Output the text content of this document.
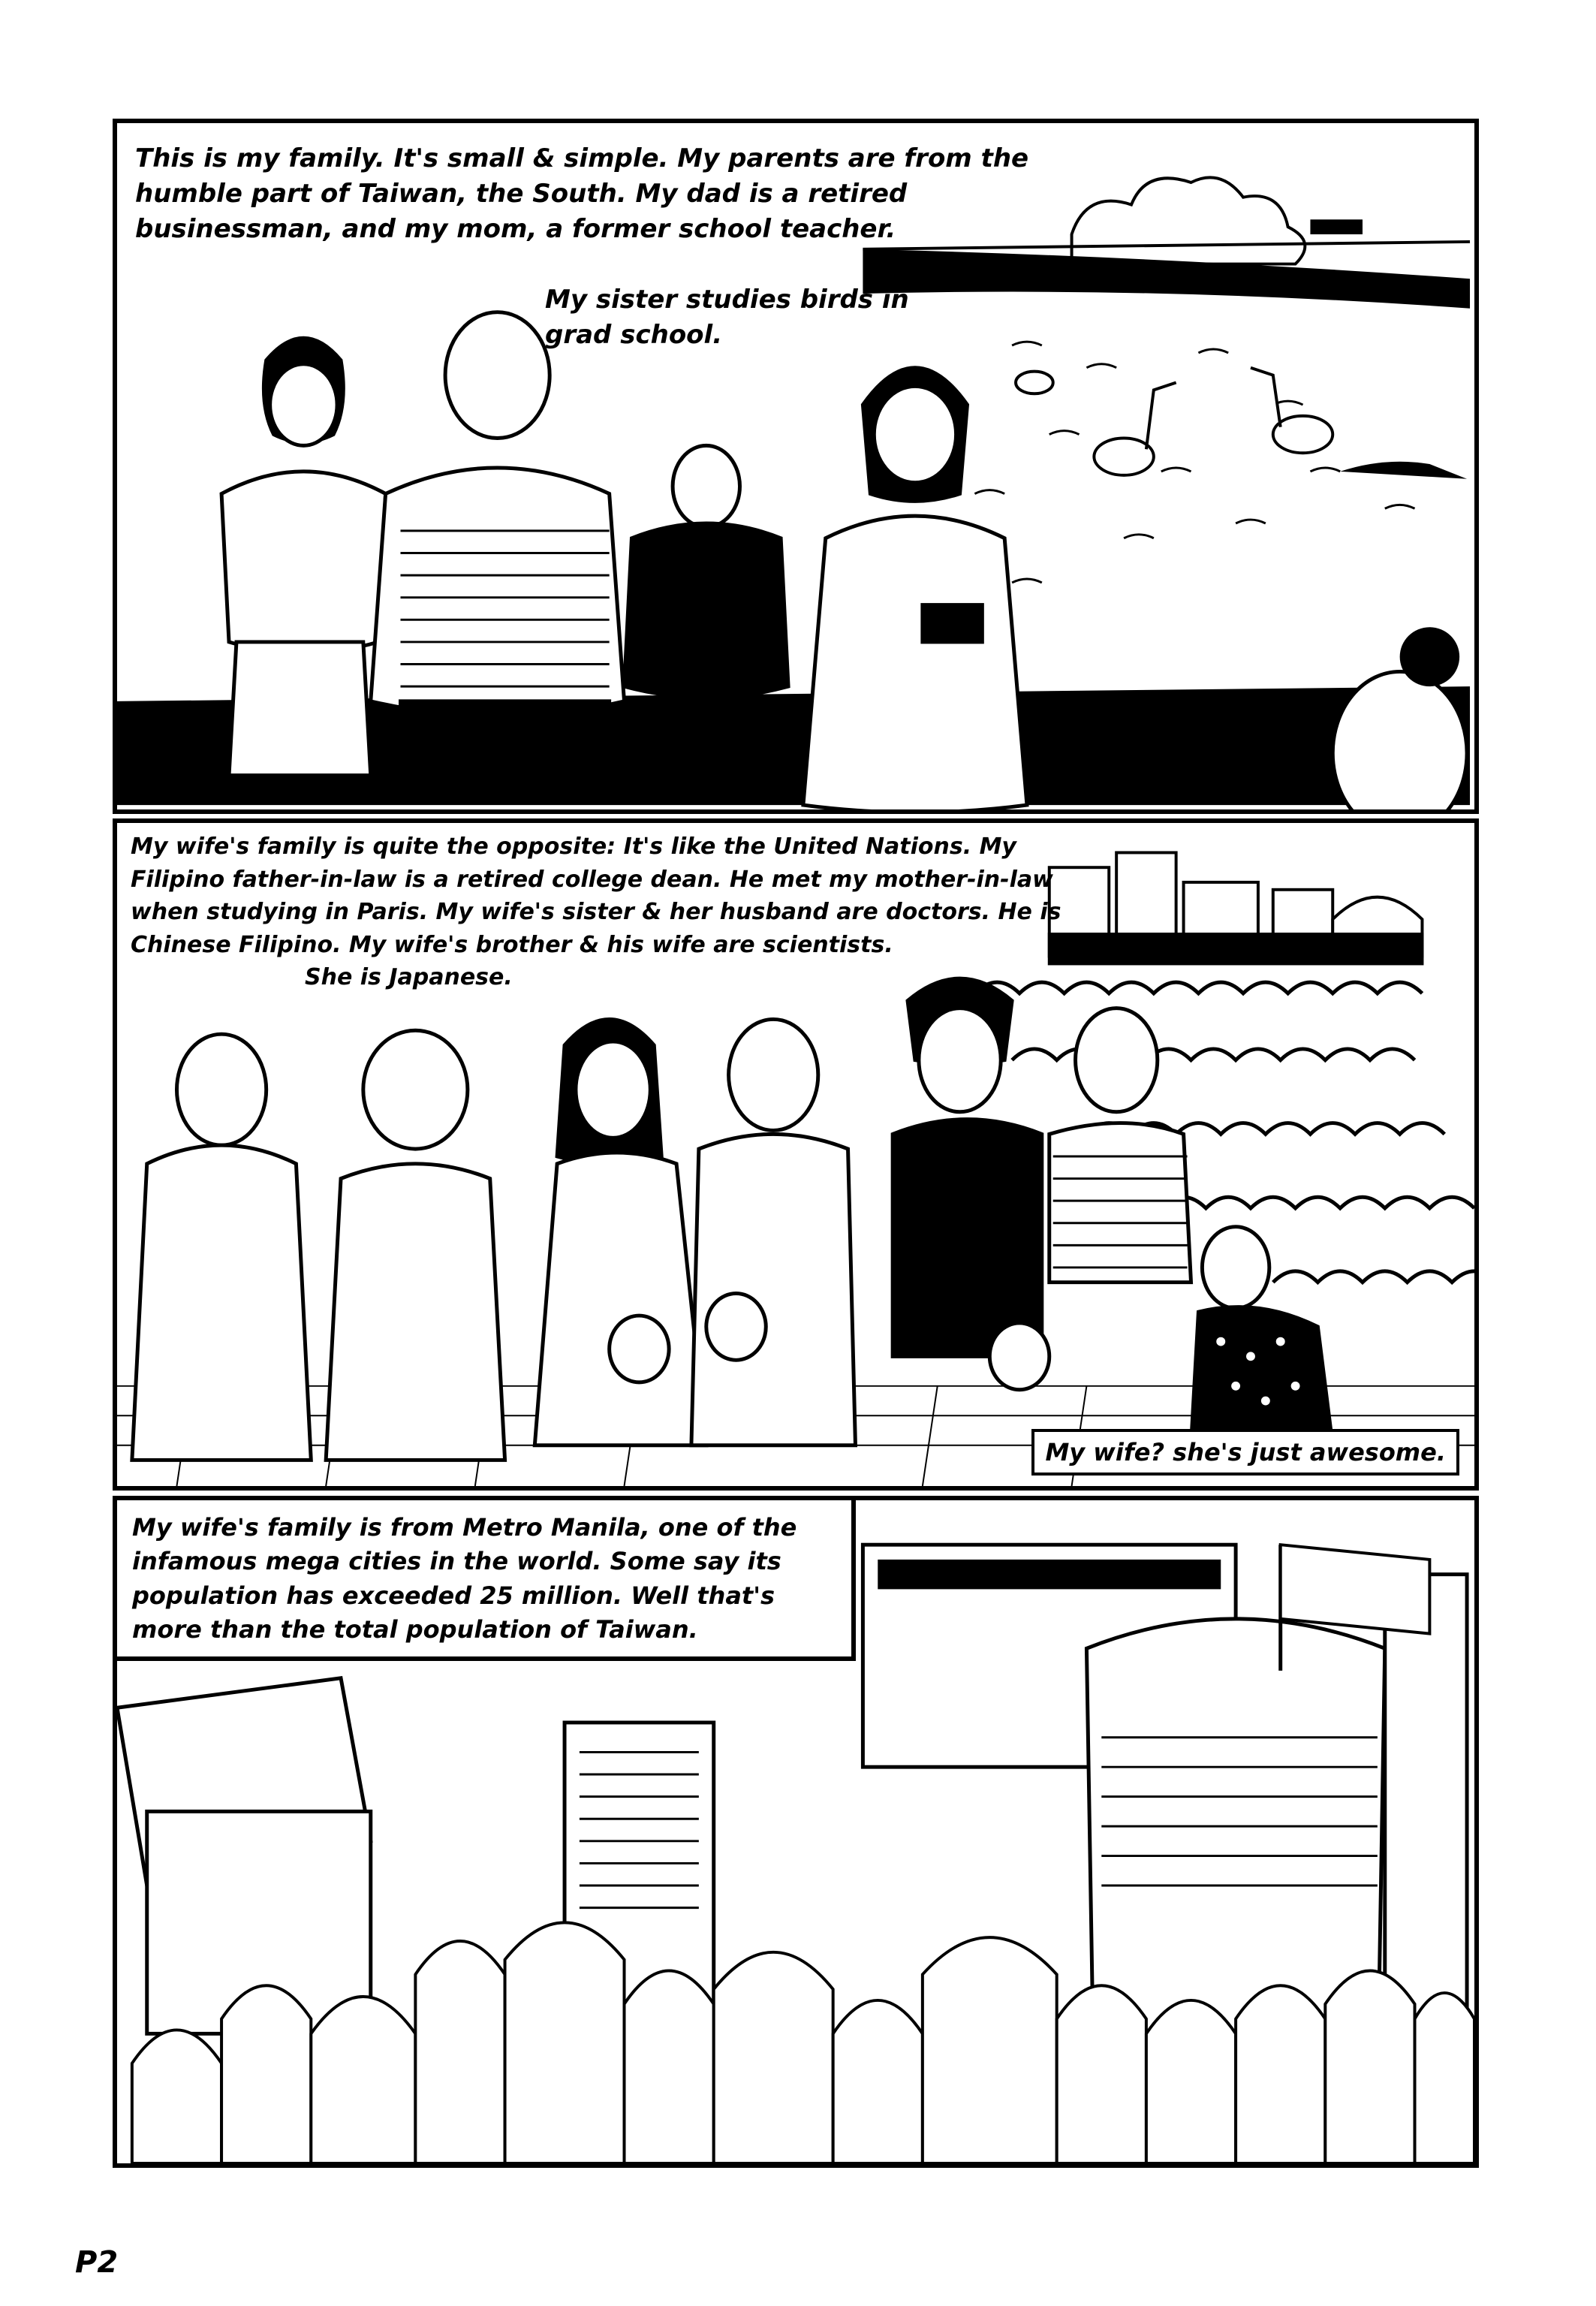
This is my family. It's small & simple. My parents are from the humble part of Taiwan, the South. My dad is a retired businessman, and my mom, a former school teacher.
My sister studies birds in grad school.
My wife's family is quite the opposite: It's like the United Nations. My Filipino father-in-law is a retired college dean. He met my mother-in-law when studying in Paris. My wife's sister & her husband are doctors. He is Chinese Filipino. My wife's brother & his wife are scientists.
She is Japanese.
My wife? she's just awesome.
My wife's family is from Metro Manila, one of the infamous mega cities in the world. Some say its population has exceeded 25 million. Well that's more than the total population of Taiwan.
P2
